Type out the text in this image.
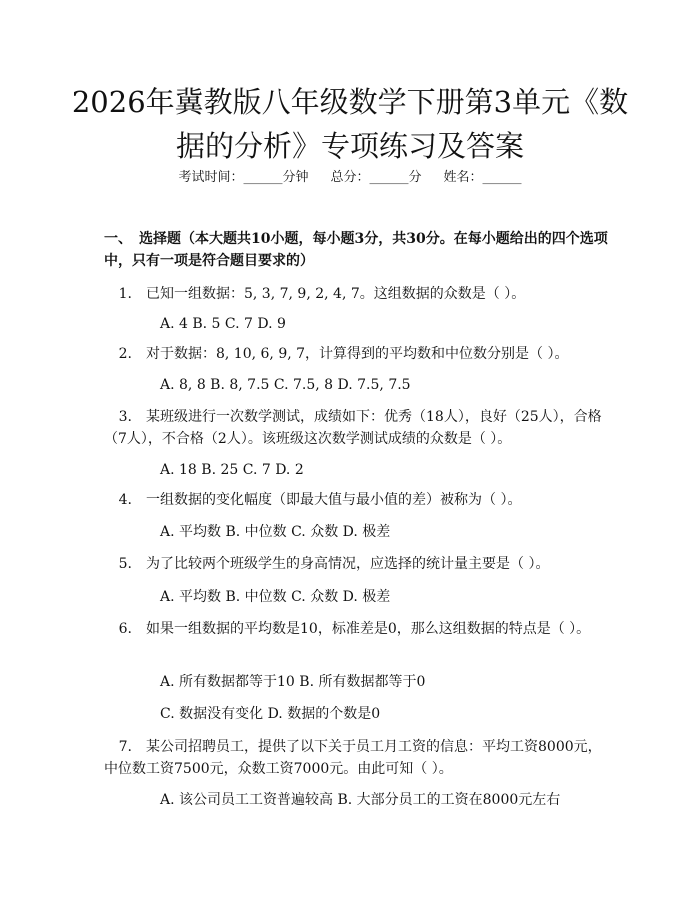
2026年冀教版八年级数学下册第3单元《数据的分析》专项练习及答案
考试时间：______分钟 总分：______分 姓名：______

一、　选择题（本大题共10小题，每小题3分，共30分。在每小题给出的四个选项中，只有一项是符合题目要求的）

1. 已知一组数据：5, 3, 7, 9, 2, 4, 7。这组数据的众数是（ ）。
A. 4 B. 5 C. 7 D. 9
2. 对于数据：8, 10, 6, 9, 7，计算得到的平均数和中位数分别是（ ）。
A. 8, 8 B. 8, 7.5 C. 7.5, 8 D. 7.5, 7.5
3. 某班级进行一次数学测试，成绩如下：优秀（18人），良好（25人），合格（7人），不合格（2人）。该班级这次数学测试成绩的众数是（ ）。
A. 18 B. 25 C. 7 D. 2
4. 一组数据的变化幅度（即最大值与最小值的差）被称为（ ）。
A. 平均数 B. 中位数 C. 众数 D. 极差
5. 为了比较两个班级学生的身高情况，应选择的统计量主要是（ ）。
A. 平均数 B. 中位数 C. 众数 D. 极差
6. 如果一组数据的平均数是10，标准差是0，那么这组数据的特点是（ ）。
A. 所有数据都等于10 B. 所有数据都等于0
C. 数据没有变化 D. 数据的个数是0
7. 某公司招聘员工，提供了以下关于员工月工资的信息：平均工资8000元，中位数工资7500元，众数工资7000元。由此可知（ ）。
A. 该公司员工工资普遍较高 B. 大部分员工的工资在8000元左右
